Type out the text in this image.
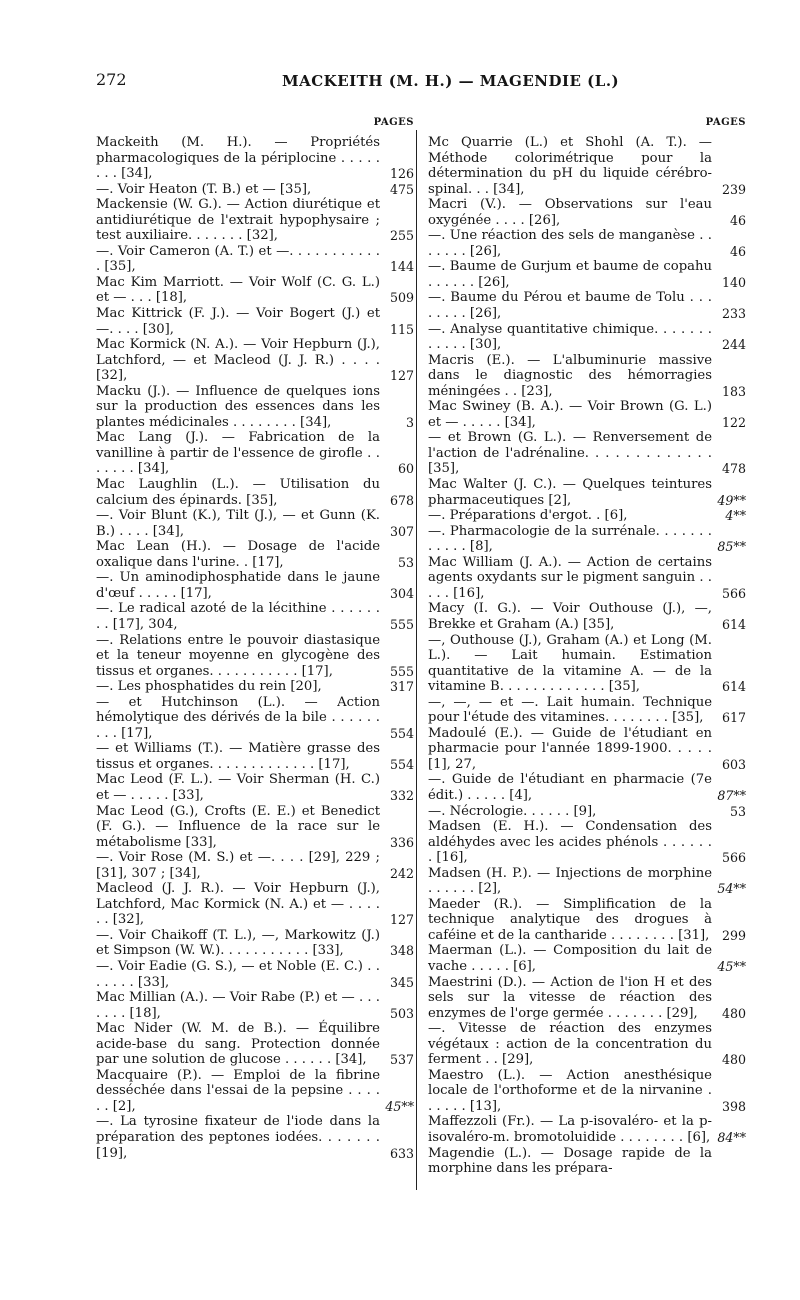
272	MACKEITH (M. H.) — MAGENDIE (L.)
PAGES
Mackeith (M. H.). — Propriétés pharmacologiques de la périplocine . . . . . . . . [34],	126
—. Voir Heaton (T. B.) et — [35],	475
Mackensie (W. G.). — Action diurétique et antidiurétique de l'extrait hypophysaire ; test auxiliaire. . . . . . . [32],	255
—. Voir Cameron (A. T.) et —. . . . . . . . . . . . [35],	144
Mac Kim Marriott. — Voir Wolf (C. G. L.) et — . . . [18],	509
Mac Kittrick (F. J.). — Voir Bogert (J.) et —. . . . [30],	115
Mac Kormick (N. A.). — Voir Hepburn (J.), Latchford, — et Macleod (J. J. R.) . . . . [32],	127
Macku (J.). — Influence de quelques ions sur la production des essences dans les plantes médicinales . . . . . . . . [34],	3
Mac Lang (J.). — Fabrication de la vanilline à partir de l'essence de girofle . . . . . . . [34],	60
Mac Laughlin (L.). — Utilisation du calcium des épinards. [35],	678
—. Voir Blunt (K.), Tilt (J.), — et Gunn (K. B.) . . . . [34],	307
Mac Lean (H.). — Dosage de l'acide oxalique dans l'urine. . [17],	53
—. Un aminodiphosphatide dans le jaune d'œuf . . . . . [17],	304
—. Le radical azoté de la lécithine . . . . . . . . [17], 304,	555
—. Relations entre le pouvoir diastasique et la teneur moyenne en glycogène des tissus et organes. . . . . . . . . . . [17],	555
—. Les phosphatides du rein [20],	317
— et Hutchinson (L.). — Action hémolytique des dérivés de la bile . . . . . . . . . [17],	554
— et Williams (T.). — Matière grasse des tissus et organes. . . . . . . . . . . . . [17],	554
Mac Leod (F. L.). — Voir Sherman (H. C.) et — . . . . . [33],	332
Mac Leod (G.), Crofts (E. E.) et Benedict (F. G.). — Influence de la race sur le métabolisme [33],	336
—. Voir Rose (M. S.) et —. . . . [29], 229 ; [31], 307 ; [34],	242
Macleod (J. J. R.). — Voir Hepburn (J.), Latchford, Mac Kormick (N. A.) et — . . . . . . [32],	127
—. Voir Chaikoff (T. L.), —, Markowitz (J.) et Simpson (W. W.). . . . . . . . . . . [33],	348
—. Voir Eadie (G. S.), — et Noble (E. C.) . . . . . . . [33],	345
Mac Millian (A.). — Voir Rabe (P.) et — . . . . . . . [18],	503
Mac Nider (W. M. de B.). — Équilibre acide-base du sang. Protection donnée par une solution de glucose . . . . . . [34],	537
Macquaire (P.). — Emploi de la fibrine desséchée dans l'essai de la pepsine . . . . . . [2],	45**
—. La tyrosine fixateur de l'iode dans la préparation des peptones iodées. . . . . . . [19],	633
PAGES
Mc Quarrie (L.) et Shohl (A. T.). — Méthode colorimétrique pour la détermination du pH du liquide cérébro-spinal. . . [34],	239
Macri (V.). — Observations sur l'eau oxygénée . . . . [26],	46
—. Une réaction des sels de manganèse . . . . . . . [26],	46
—. Baume de Gurjum et baume de copahu . . . . . . [26],	140
—. Baume du Pérou et baume de Tolu . . . . . . . . [26],	233
—. Analyse quantitative chimique. . . . . . . . . . . . [30],	244
Macris (E.). — L'albuminurie massive dans le diagnostic des hémorragies méningées . . [23],	183
Mac Swiney (B. A.). — Voir Brown (G. L.) et — . . . . . [34],	122
— et Brown (G. L.). — Renversement de l'action de l'adrénaline. . . . . . . . . . . . . [35],	478
Mac Walter (J. C.). — Quelques teintures pharmaceutiques [2],	49**
—. Préparations d'ergot. . [6],	4**
—. Pharmacologie de la surrénale. . . . . . . . . . . . [8],	85**
Mac William (J. A.). — Action de certains agents oxydants sur le pigment sanguin . . . . . [16],	566
Macy (I. G.). — Voir Outhouse (J.), —, Brekke et Graham (A.) [35],	614
—, Outhouse (J.), Graham (A.) et Long (M. L.). — Lait humain. Estimation quantitative de la vitamine A. — de la vitamine B. . . . . . . . . . . . . [35],	614
—, —, — et —. Lait humain. Technique pour l'étude des vitamines. . . . . . . . [35],	617
Madoulé (E.). — Guide de l'étudiant en pharmacie pour l'année 1899-1900. . . . . [1], 27,	603
—. Guide de l'étudiant en pharmacie (7e édit.) . . . . . [4],	87**
—. Nécrologie. . . . . . [9],	53
Madsen (E. H.). — Condensation des aldéhydes avec les acides phénols . . . . . . . [16],	566
Madsen (H. P.). — Injections de morphine . . . . . . [2],	54**
Maeder (R.). — Simplification de la technique analytique des drogues à caféine et de la cantharide . . . . . . . . [31],	299
Maerman (L.). — Composition du lait de vache . . . . . [6],	45**
Maestrini (D.). — Action de l'ion H et des sels sur la vitesse de réaction des enzymes de l'orge germée . . . . . . . [29],	480
—. Vitesse de réaction des enzymes végétaux : action de la concentration du ferment . . [29],	480
Maestro (L.). — Action anesthésique locale de l'orthoforme et de la nirvanine . . . . . . [13],	398
Maffezzoli (Fr.). — La p-isovaléro- et la p-isovaléro-m. bromotoluidide . . . . . . . . [6], 84**
Magendie (L.). — Dosage rapide de la morphine dans les prépara-
